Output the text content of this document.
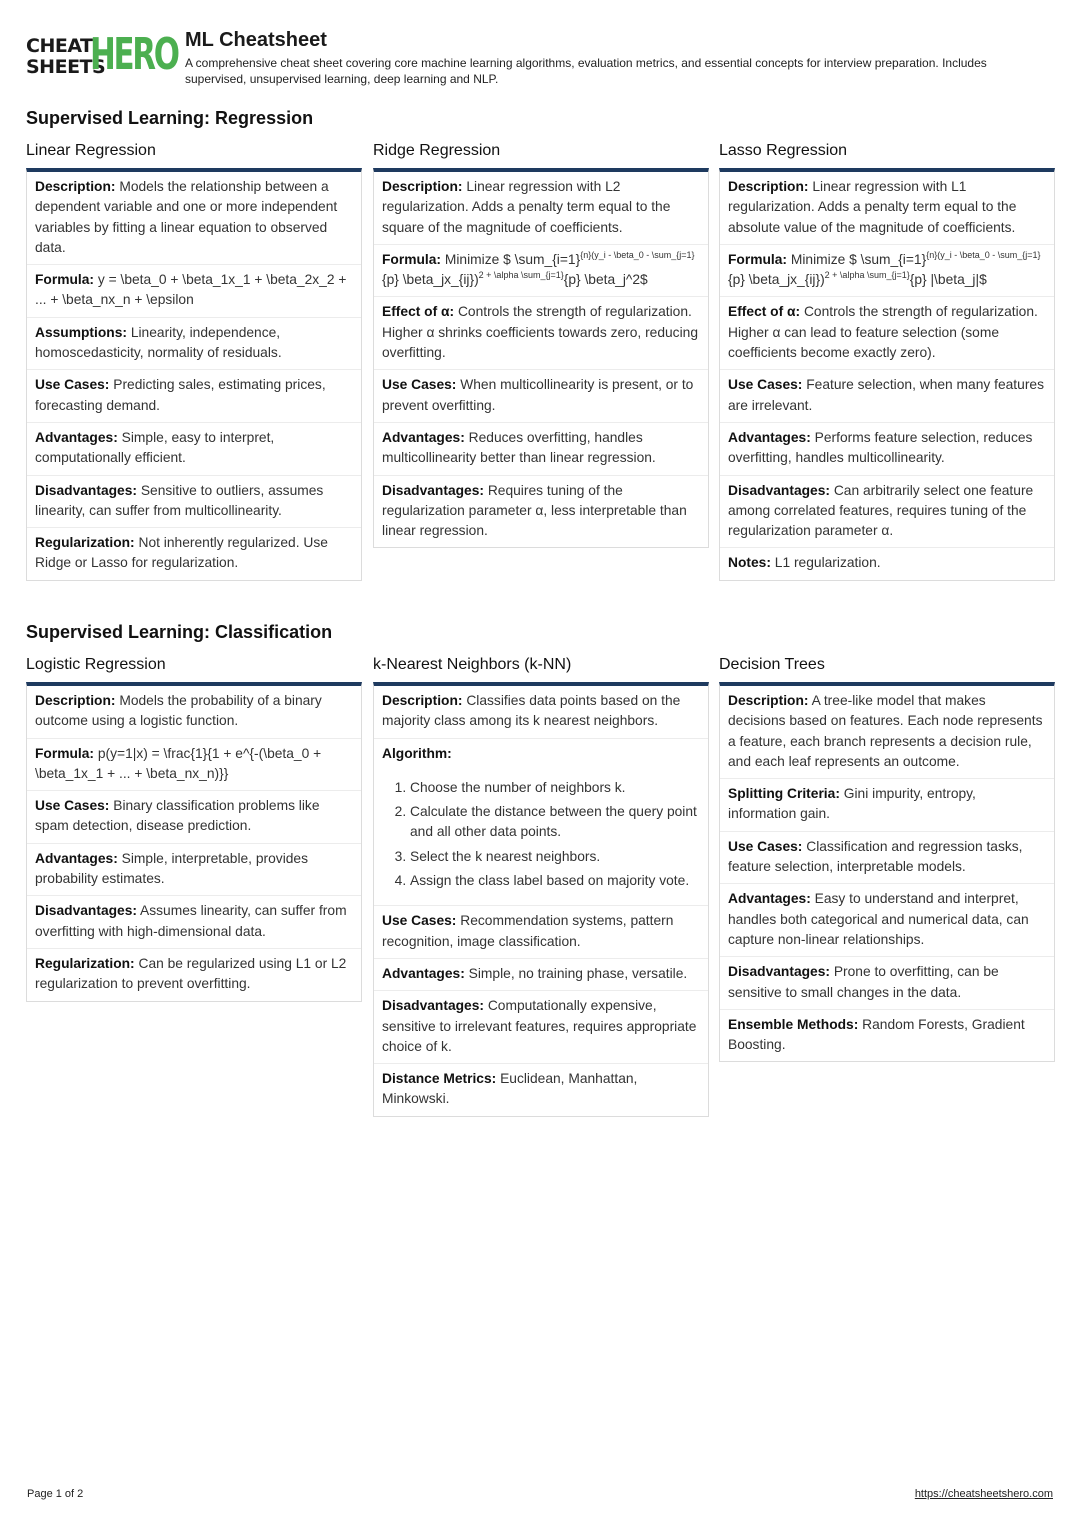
CHEAT
SHEETS
HERO ML Cheatsheet
A comprehensive cheat sheet covering core machine learning algorithms, evaluation metrics, and essential concepts for interview preparation. Includes supervised, unsupervised learning, deep learning and NLP.
Supervised Learning: Regression
Linear Regression
Description: Models the relationship between a dependent variable and one or more independent variables by fitting a linear equation to observed data.
Formula: y = \beta_0 + \beta_1x_1 + \beta_2x_2 + ... + \beta_nx_n + \epsilon
Assumptions: Linearity, independence, homoscedasticity, normality of residuals.
Use Cases: Predicting sales, estimating prices, forecasting demand.
Advantages: Simple, easy to interpret, computationally efficient.
Disadvantages: Sensitive to outliers, assumes linearity, can suffer from multicollinearity.
Regularization: Not inherently regularized. Use Ridge or Lasso for regularization.
Ridge Regression
Description: Linear regression with L2 regularization. Adds a penalty term equal to the square of the magnitude of coefficients.
Formula: Minimize $ \sum_{i=1}$^{\{n\}(y\_i - \backslash beta\_0 - \backslash sum\_\{j=1\}}${p} \beta_jx_{ij})$^{2 + \backslash alpha \backslash sum\_\{j=1\}}${p} \beta_j^2$
Effect of α: Controls the strength of regularization. Higher α shrinks coefficients towards zero, reducing overfitting.
Use Cases: When multicollinearity is present, or to prevent overfitting.
Advantages: Reduces overfitting, handles multicollinearity better than linear regression.
Disadvantages: Requires tuning of the regularization parameter α, less interpretable than linear regression.
Lasso Regression
Description: Linear regression with L1 regularization. Adds a penalty term equal to the absolute value of the magnitude of coefficients.
Formula: Minimize $ \sum_{i=1}$^{\{n\}(y\_i - \backslash beta\_0 - \backslash sum\_\{j=1\}}${p} \beta_jx_{ij})$^{2 + \backslash alpha \backslash sum\_\{j=1\}}${p} |\beta_j|$
Effect of α: Controls the strength of regularization. Higher α can lead to feature selection (some coefficients become exactly zero).
Use Cases: Feature selection, when many features are irrelevant.
Advantages: Performs feature selection, reduces overfitting, handles multicollinearity.
Disadvantages: Can arbitrarily select one feature among correlated features, requires tuning of the regularization parameter α.
Notes: L1 regularization.
Supervised Learning: Classification
Logistic Regression
Description: Models the probability of a binary outcome using a logistic function.
Formula: p(y=1|x) = \frac{1}{1 + e^{-(\beta_0 + \beta_1x_1 + ... + \beta_nx_n)}}
Use Cases: Binary classification problems like spam detection, disease prediction.
Advantages: Simple, interpretable, provides probability estimates.
Disadvantages: Assumes linearity, can suffer from overfitting with high-dimensional data.
Regularization: Can be regularized using L1 or L2 regularization to prevent overfitting.
k-Nearest Neighbors (k-NN)
Description: Classifies data points based on the majority class among its k nearest neighbors.
Algorithm:
1. Choose the number of neighbors k.
2. Calculate the distance between the query point and all other data points.
3. Select the k nearest neighbors.
4. Assign the class label based on majority vote.
Use Cases: Recommendation systems, pattern recognition, image classification.
Advantages: Simple, no training phase, versatile.
Disadvantages: Computationally expensive, sensitive to irrelevant features, requires appropriate choice of k.
Distance Metrics: Euclidean, Manhattan, Minkowski.
Decision Trees
Description: A tree-like model that makes decisions based on features. Each node represents a feature, each branch represents a decision rule, and each leaf represents an outcome.
Splitting Criteria: Gini impurity, entropy, information gain.
Use Cases: Classification and regression tasks, feature selection, interpretable models.
Advantages: Easy to understand and interpret, handles both categorical and numerical data, can capture non-linear relationships.
Disadvantages: Prone to overfitting, can be sensitive to small changes in the data.
Ensemble Methods: Random Forests, Gradient Boosting.
Page 1 of 2	https://cheatsheetshero.com
